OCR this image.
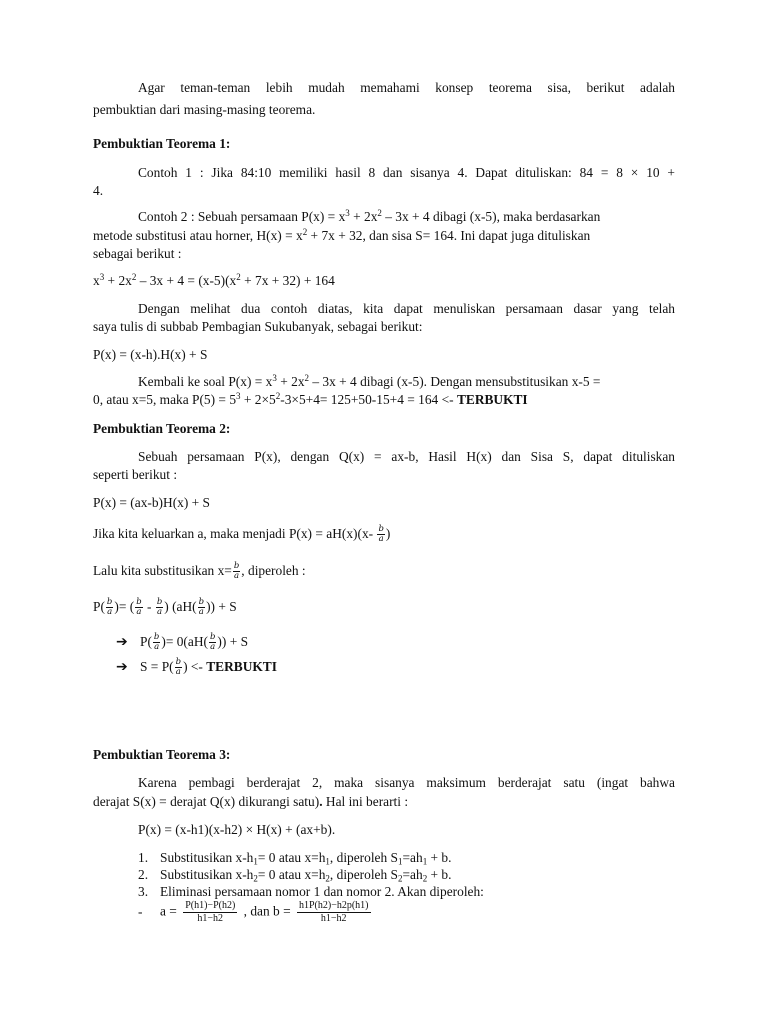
Agar teman-teman lebih mudah memahami konsep teorema sisa, berikut adalah
pembuktian dari masing-masing teorema.
Pembuktian Teorema 1:
Contoh 1 : Jika 84:10 memiliki hasil 8 dan sisanya 4. Dapat dituliskan: 84 = 8 × 10 +
4.
Contoh 2 : Sebuah persamaan $P(x) = x^3 + 2x^2 - 3x + 4$ dibagi (x-5), maka berdasarkan
metode substitusi atau horner, $H(x) = x^2 + 7x + 32$, dan sisa S= 164. Ini dapat juga dituliskan
sebagai berikut :
$x^3 + 2x^2 - 3x + 4 = (x-5)(x^2 + 7x + 32) + 164$
Dengan melihat dua contoh diatas, kita dapat menuliskan persamaan dasar yang telah
saya tulis di subbab Pembagian Sukubanyak, sebagai berikut:
P(x) = (x-h).H(x) + S
Kembali ke soal $P(x) = x^3 + 2x^2 - 3x + 4$ dibagi (x-5). Dengan mensubstitusikan x-5 =
0, atau x=5, maka $P(5) = 5^3 + 2\times 5^2-3\times 5+4= 125+50-15+4 = 164$ <- TERBUKTI
Pembuktian Teorema 2:
Sebuah persamaan P(x), dengan Q(x) = ax-b, Hasil H(x) dan Sisa S, dapat dituliskan
seperti berikut :
P(x) = (ax-b)H(x) + S
Jika kita keluarkan a, maka menjadi $P(x) = aH(x)(x- \frac{b}{a}$ )
Lalu kita substitusikan $x= \frac{b}{a}$ , diperoleh :
$P( \frac{b}{a}$ )= ( $\frac{b}{a} - \frac{b}{a}$ ) ($aH( \frac{b}{a}$ )) + S
➔ $P( \frac{b}{a}$ )= $0(aH( \frac{b}{a}$ )) + S
➔ $S = P( \frac{b}{a}$ ) <- TERBUKTI
Pembuktian Teorema 3:
Karena pembagi berderajat 2, maka sisanya maksimum berderajat satu (ingat bahwa
derajat S(x) = derajat Q(x) dikurangi satu). Hal ini berarti :
P(x) = (x-h1)(x-h2) × H(x) + (ax+b).
1. Substitusikan $x-h_1= 0$ atau $x=h_1$, diperoleh $S_1=ah_1 + b$.
2. Substitusikan $x-h_2= 0$ atau $x=h_2$, diperoleh $S_2=ah_2 + b$.
3. Eliminasi persamaan nomor 1 dan nomor 2. Akan diperoleh:
- $a = \frac{P(h1)-P(h2)}{h1-h2}$ , dan $b = \frac{h1P(h2)-h2p(h1)}{h1-h2}$
